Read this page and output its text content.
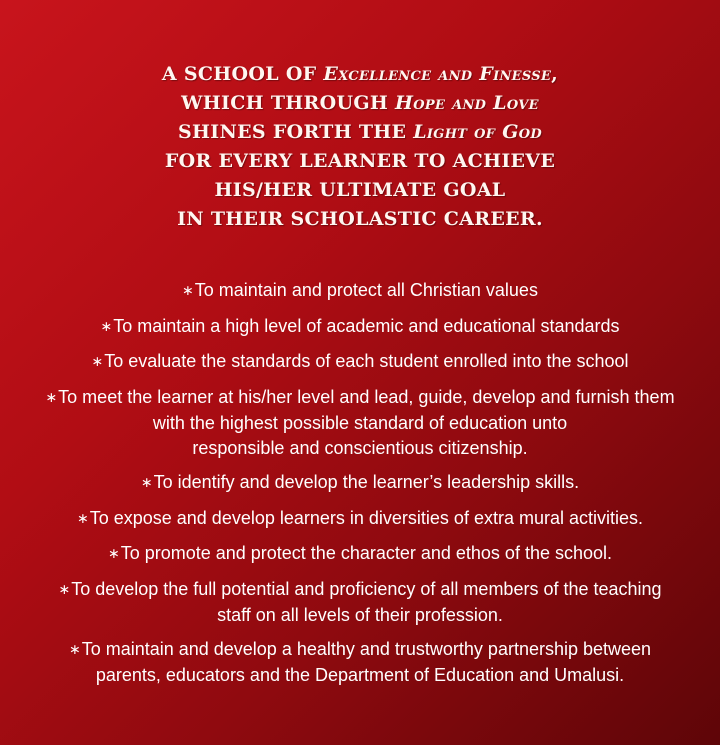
A SCHOOL OF Excellence and Finesse,
WHICH THROUGH Hope and Love
SHINES FORTH THE Light of God
FOR EVERY LEARNER TO ACHIEVE
HIS/HER ULTIMATE GOAL
IN THEIR SCHOLASTIC CAREER.
∗To maintain and protect all Christian values
∗To maintain a high level of academic and educational standards
∗To evaluate the standards of each student enrolled into the school
∗To meet the learner at his/her level and lead, guide, develop and furnish them
with the highest possible standard of education unto
responsible and conscientious citizenship.
∗To identify and develop the learner’s leadership skills.
∗To expose and develop learners in diversities of extra mural activities.
∗To promote and protect the character and ethos of the school.
∗To develop the full potential and proficiency of all members of the teaching
staff on all levels of their profession.
∗To maintain and develop a healthy and trustworthy partnership between
parents, educators and the Department of Education and Umalusi.
